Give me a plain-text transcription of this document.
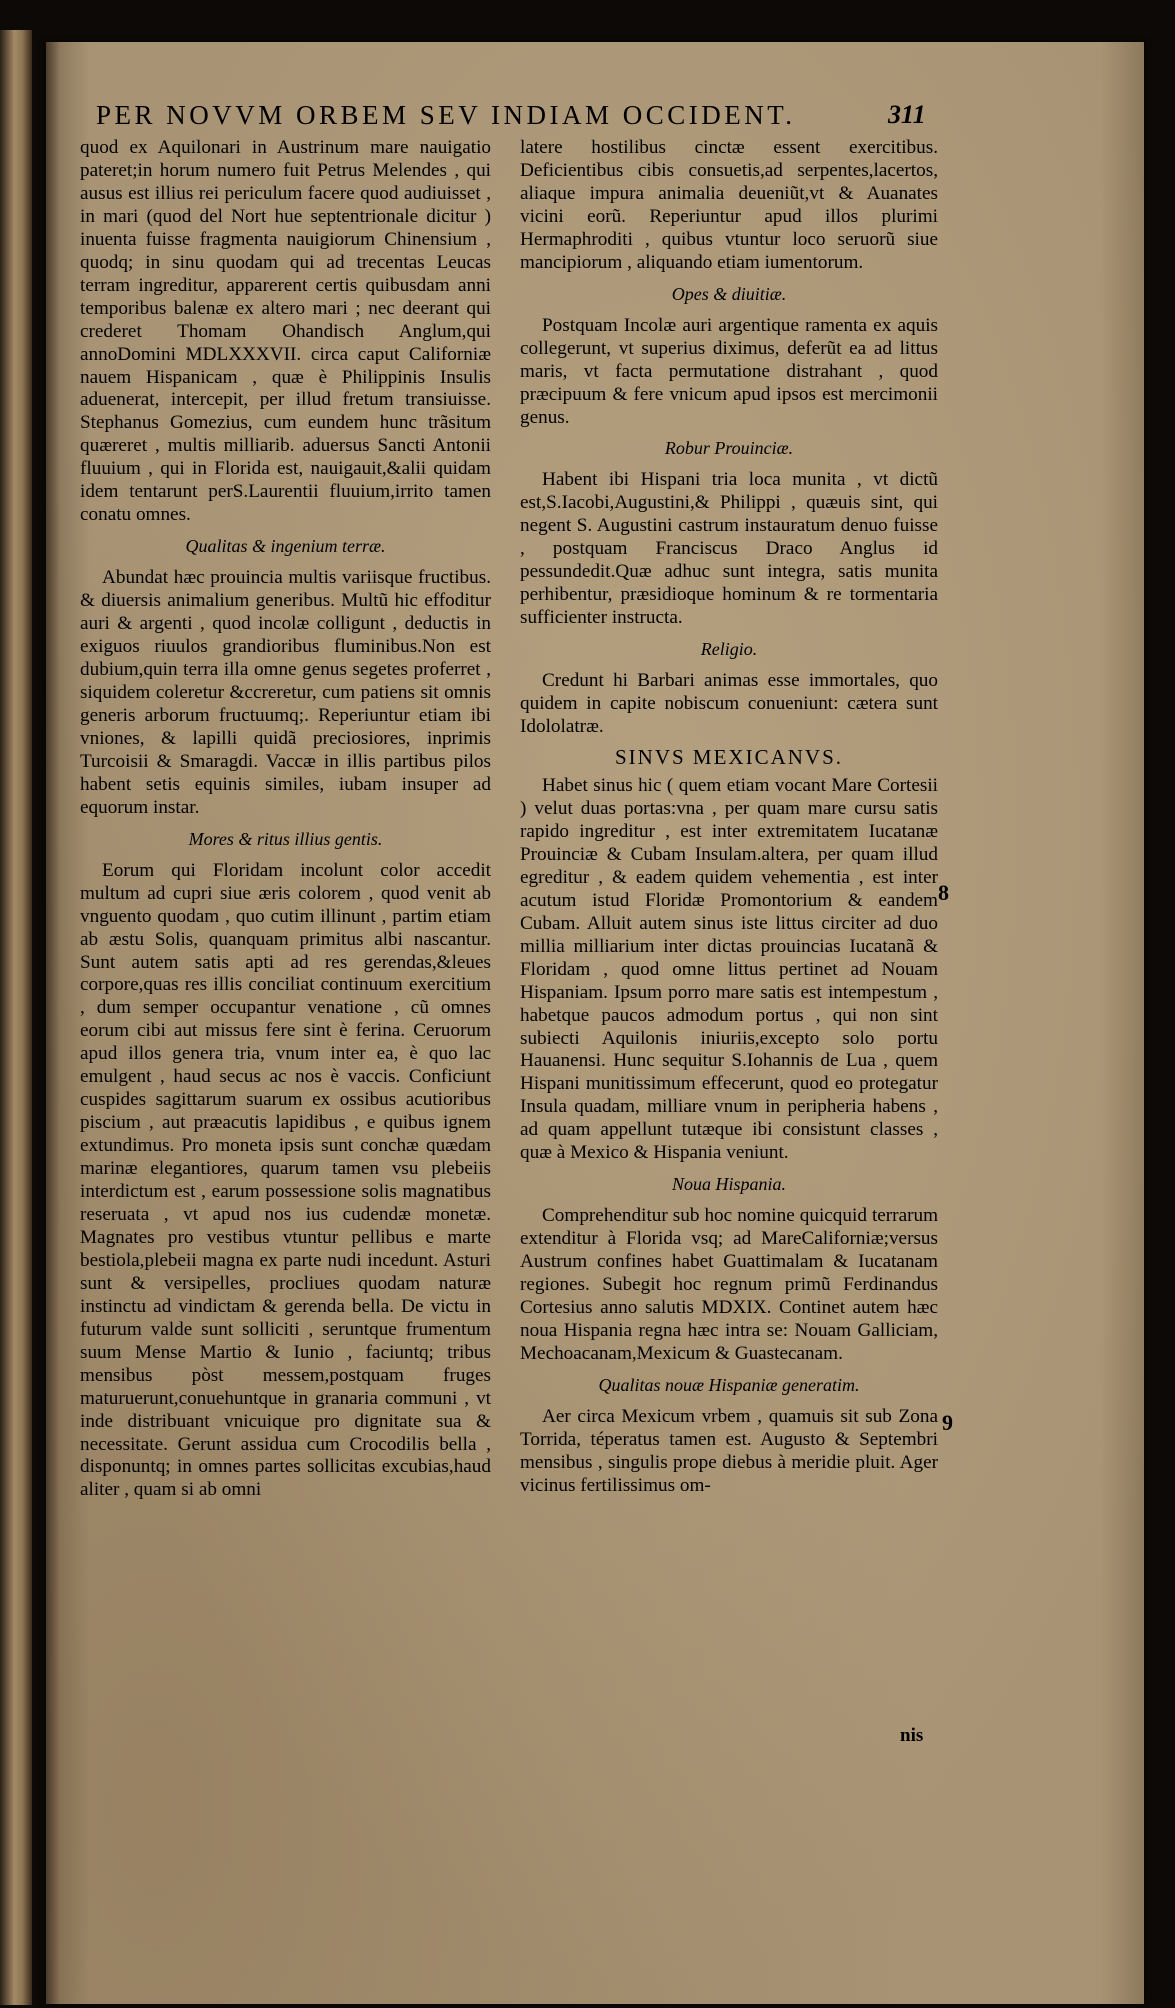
PER NOVVM ORBEM SEV INDIAM OCCIDENT.	311

quod ex Aquilonari in Austrinum mare nauigatio pateret;in horum numero fuit Petrus Melendes , qui ausus est illius rei periculum facere quod audiuisset , in mari (quod del Nort hue septentrionale dicitur ) inuenta fuisse fragmenta nauigiorum Chinensium , quodq; in sinu quodam qui ad trecentas Leucas terram ingreditur, apparerent certis quibusdam anni temporibus balenæ ex altero mari ; nec deerant qui crederet Thomam Ohandisch Anglum,qui annoDomini MDLXXXVII. circa caput Californiæ nauem Hispanicam , quæ è Philippinis Insulis aduenerat, intercepit, per illud fretum transiuisse. Stephanus Gomezius, cum eundem hunc trãsitum quæreret , multis milliarib. aduersus Sancti Antonii fluuium , qui in Florida est, nauigauit,&alii quidam idem tentarunt perS.Laurentii fluuium,irrito tamen conatu omnes.

Qualitas & ingenium terræ.

Abundat hæc prouincia multis variisque fructibus. & diuersis animalium generibus. Multũ hic effoditur auri & argenti , quod incolæ colligunt , deductis in exiguos riuulos grandioribus fluminibus.Non est dubium,quin terra illa omne genus segetes proferret , siquidem coleretur &ccreretur, cum patiens sit omnis generis arborum fructuumq;. Reperiuntur etiam ibi vniones, & lapilli quidã preciosiores, inprimis Turcoisii & Smaragdi. Vaccæ in illis partibus pilos habent setis equinis similes, iubam insuper ad equorum instar.

Mores & ritus illius gentis.

Eorum qui Floridam incolunt color accedit multum ad cupri siue æris colorem , quod venit ab vnguento quodam , quo cutim illinunt , partim etiam ab æstu Solis, quanquam primitus albi nascantur. Sunt autem satis apti ad res gerendas,&leues corpore,quas res illis conciliat continuum exercitium , dum semper occupantur venatione , cũ omnes eorum cibi aut missus fere sint è ferina. Ceruorum apud illos genera tria, vnum inter ea, è quo lac emulgent , haud secus ac nos è vaccis. Conficiunt cuspides sagittarum suarum ex ossibus acutioribus piscium , aut præacutis lapidibus , e quibus ignem extundimus. Pro moneta ipsis sunt conchæ quædam marinæ elegantiores, quarum tamen vsu plebeiis interdictum est , earum possessione solis magnatibus reseruata , vt apud nos ius cudendæ monetæ. Magnates pro vestibus vtuntur pellibus e marte bestiola,plebeii magna ex parte nudi incedunt. Asturi sunt & versipelles, procliues quodam naturæ instinctu ad vindictam & gerenda bella. De victu in futurum valde sunt solliciti , seruntque frumentum suum Mense Martio & Iunio , faciuntq; tribus mensibus pòst messem,postquam fruges maturuerunt,conuehuntque in granaria communi , vt inde distribuant vnicuique pro dignitate sua & necessitate. Gerunt assidua cum Crocodilis bella , disponuntq; in omnes partes sollicitas excubias,haud aliter , quam si ab omni

latere hostilibus cinctæ essent exercitibus. Deficientibus cibis consuetis,ad serpentes,lacertos, aliaque impura animalia deueniũt,vt & Auanates vicini eorũ. Reperiuntur apud illos plurimi Hermaphroditi , quibus vtuntur loco seruorũ siue mancipiorum , aliquando etiam iumentorum.

Opes & diuitiæ.

Postquam Incolæ auri argentique ramenta ex aquis collegerunt, vt superius diximus, deferũt ea ad littus maris, vt facta permutatione distrahant , quod præcipuum & fere vnicum apud ipsos est mercimonii genus.

Robur Prouinciæ.

Habent ibi Hispani tria loca munita , vt dictũ est,S.Iacobi,Augustini,& Philippi , quæuis sint, qui negent S. Augustini castrum instauratum denuo fuisse , postquam Franciscus Draco Anglus id pessundedit.Quæ adhuc sunt integra, satis munita perhibentur, præsidioque hominum & re tormentaria sufficienter instructa.

Religio.

Credunt hi Barbari animas esse immortales, quo quidem in capite nobiscum conueniunt: cætera sunt Idololatræ.

SINVS MEXICANVS.

Habet sinus hic ( quem etiam vocant Mare Cortesii ) velut duas portas:vna , per quam mare cursu satis rapido ingreditur , est inter extremitatem Iucatanæ Prouinciæ & Cubam Insulam.altera, per quam illud egreditur , & eadem quidem vehementia , est inter acutum istud Floridæ Promontorium & eandem Cubam. Alluit autem sinus iste littus circiter ad duo millia milliarium inter dictas prouincias Iucatanã & Floridam , quod omne littus pertinet ad Nouam Hispaniam. Ipsum porro mare satis est intempestum , habetque paucos admodum portus , qui non sint subiecti Aquilonis iniuriis,excepto solo portu Hauanensi. Hunc sequitur S.Iohannis de Lua , quem Hispani munitissimum effecerunt, quod eo protegatur Insula quadam, milliare vnum in peripheria habens , ad quam appellunt tutæque ibi consistunt classes , quæ à Mexico & Hispania veniunt.

Noua Hispania.

Comprehenditur sub hoc nomine quicquid terrarum extenditur à Florida vsq; ad MareCaliforniæ;versus Austrum confines habet Guattimalam & Iucatanam regiones. Subegit hoc regnum primũ Ferdinandus Cortesius anno salutis MDXIX. Continet autem hæc noua Hispania regna hæc intra se: Nouam Galliciam, Mechoacanam,Mexicum & Guastecanam.

Qualitas nouæ Hispaniæ generatim.

Aer circa Mexicum vrbem , quamuis sit sub Zona Torrida, téperatus tamen est. Augusto & Septembri mensibus , singulis prope diebus à meridie pluit. Ager vicinus fertilissimus om-

8
9
nis
